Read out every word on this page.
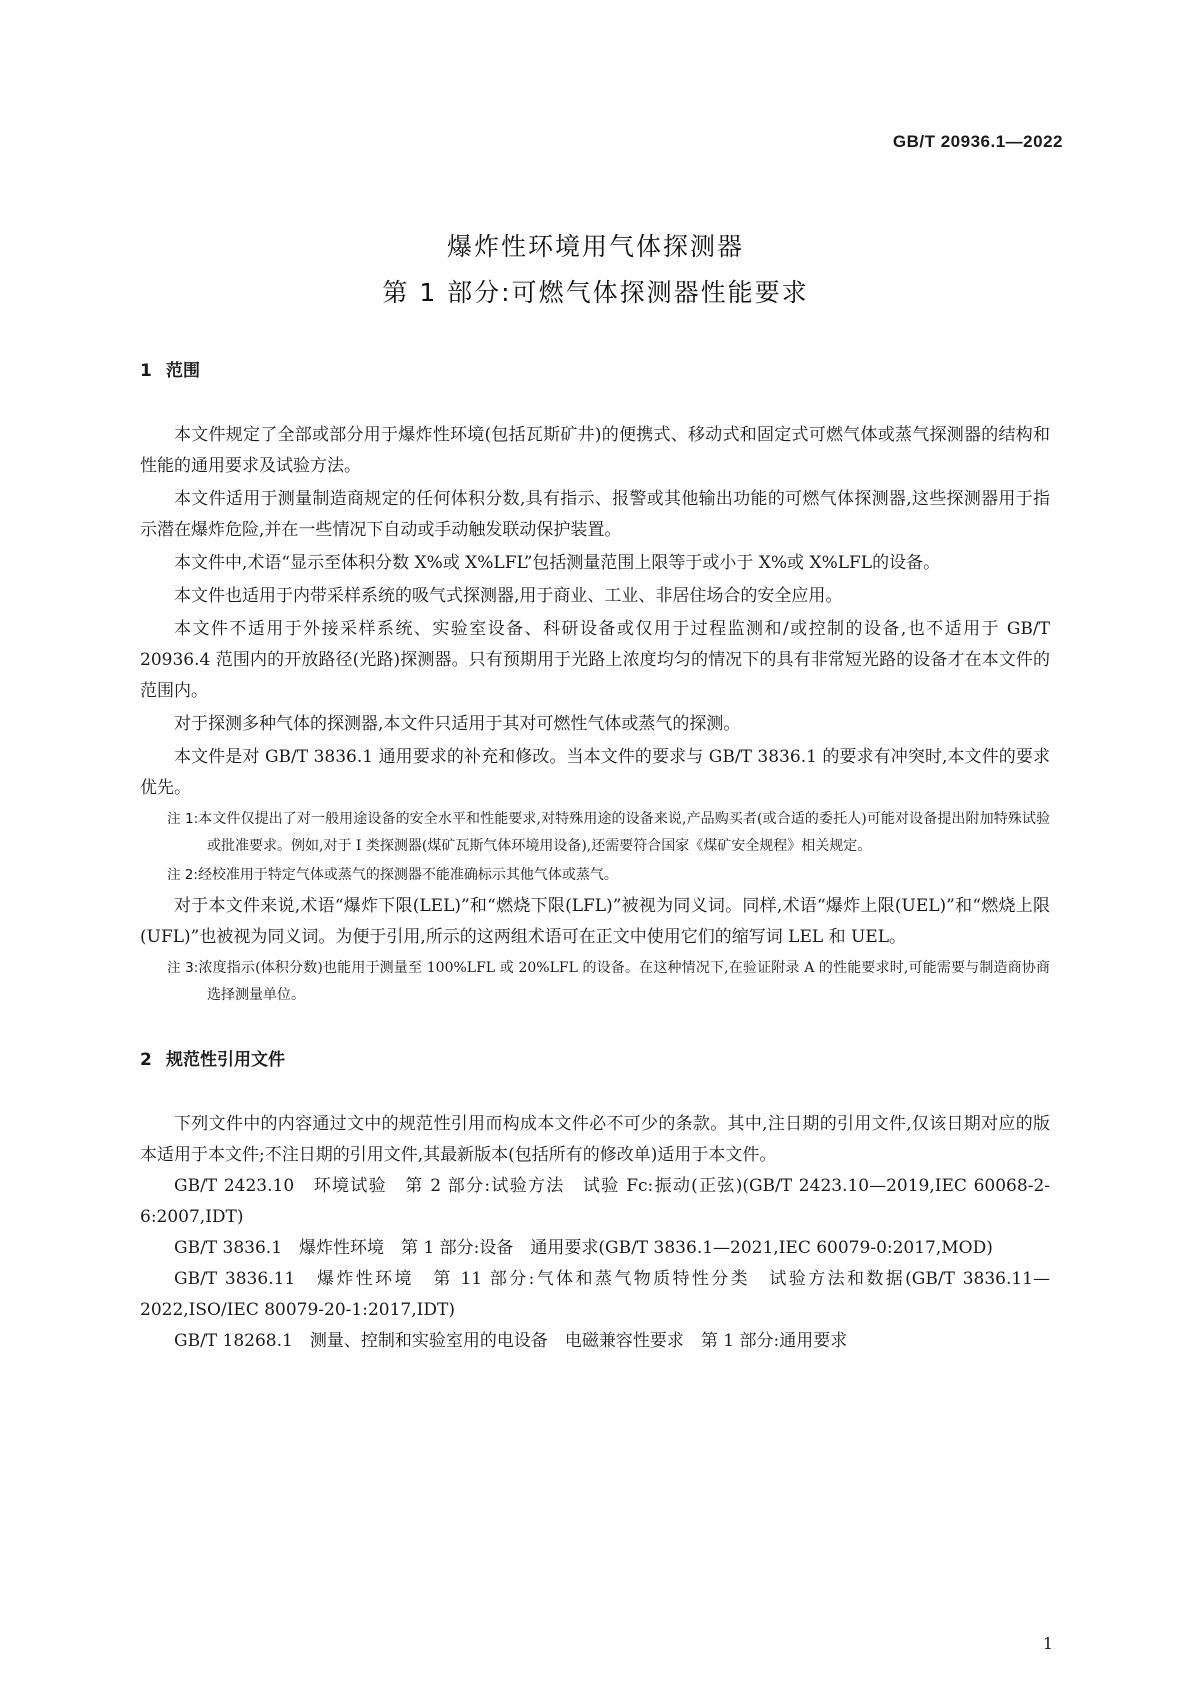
GB/T 20936.1—2022
爆炸性环境用气体探测器
第 1 部分:可燃气体探测器性能要求
1 范围

本文件规定了全部或部分用于爆炸性环境(包括瓦斯矿井)的便携式、移动式和固定式可燃气体或蒸气探测器的结构和性能的通用要求及试验方法。

本文件适用于测量制造商规定的任何体积分数,具有指示、报警或其他输出功能的可燃气体探测器,这些探测器用于指示潜在爆炸危险,并在一些情况下自动或手动触发联动保护装置。

本文件中,术语“显示至体积分数 X%或 X%LFL”包括测量范围上限等于或小于 X%或 X%LFL的设备。

本文件也适用于内带采样系统的吸气式探测器,用于商业、工业、非居住场合的安全应用。

本文件不适用于外接采样系统、实验室设备、科研设备或仅用于过程监测和/或控制的设备,也不适用于 GB/T 20936.4 范围内的开放路径(光路)探测器。只有预期用于光路上浓度均匀的情况下的具有非常短光路的设备才在本文件的范围内。

对于探测多种气体的探测器,本文件只适用于其对可燃性气体或蒸气的探测。

本文件是对 GB/T 3836.1 通用要求的补充和修改。当本文件的要求与 GB/T 3836.1 的要求有冲突时,本文件的要求优先。

注 1:本文件仅提出了对一般用途设备的安全水平和性能要求,对特殊用途的设备来说,产品购买者(或合适的委托人)可能对设备提出附加特殊试验或批准要求。例如,对于 Ⅰ 类探测器(煤矿瓦斯气体环境用设备),还需要符合国家《煤矿安全规程》相关规定。
注 2:经校准用于特定气体或蒸气的探测器不能准确标示其他气体或蒸气。

对于本文件来说,术语“爆炸下限(LEL)”和“燃烧下限(LFL)”被视为同义词。同样,术语“爆炸上限(UEL)”和“燃烧上限(UFL)”也被视为同义词。为便于引用,所示的这两组术语可在正文中使用它们的缩写词 LEL 和 UEL。

注 3:浓度指示(体积分数)也能用于测量至 100%LFL 或 20%LFL 的设备。在这种情况下,在验证附录 A 的性能要求时,可能需要与制造商协商选择测量单位。
2 规范性引用文件

下列文件中的内容通过文中的规范性引用而构成本文件必不可少的条款。其中,注日期的引用文件,仅该日期对应的版本适用于本文件;不注日期的引用文件,其最新版本(包括所有的修改单)适用于本文件。

GB/T 2423.10　环境试验　第 2 部分:试验方法　试验 Fc:振动(正弦)(GB/T 2423.10—2019,IEC 60068-2-6:2007,IDT)

GB/T 3836.1　爆炸性环境　第 1 部分:设备　通用要求(GB/T 3836.1—2021,IEC 60079-0:2017,MOD)

GB/T 3836.11　爆炸性环境　第 11 部分:气体和蒸气物质特性分类　试验方法和数据(GB/T 3836.11—2022,ISO/IEC 80079-20-1:2017,IDT)

GB/T 18268.1　测量、控制和实验室用的电设备　电磁兼容性要求　第 1 部分:通用要求

1
